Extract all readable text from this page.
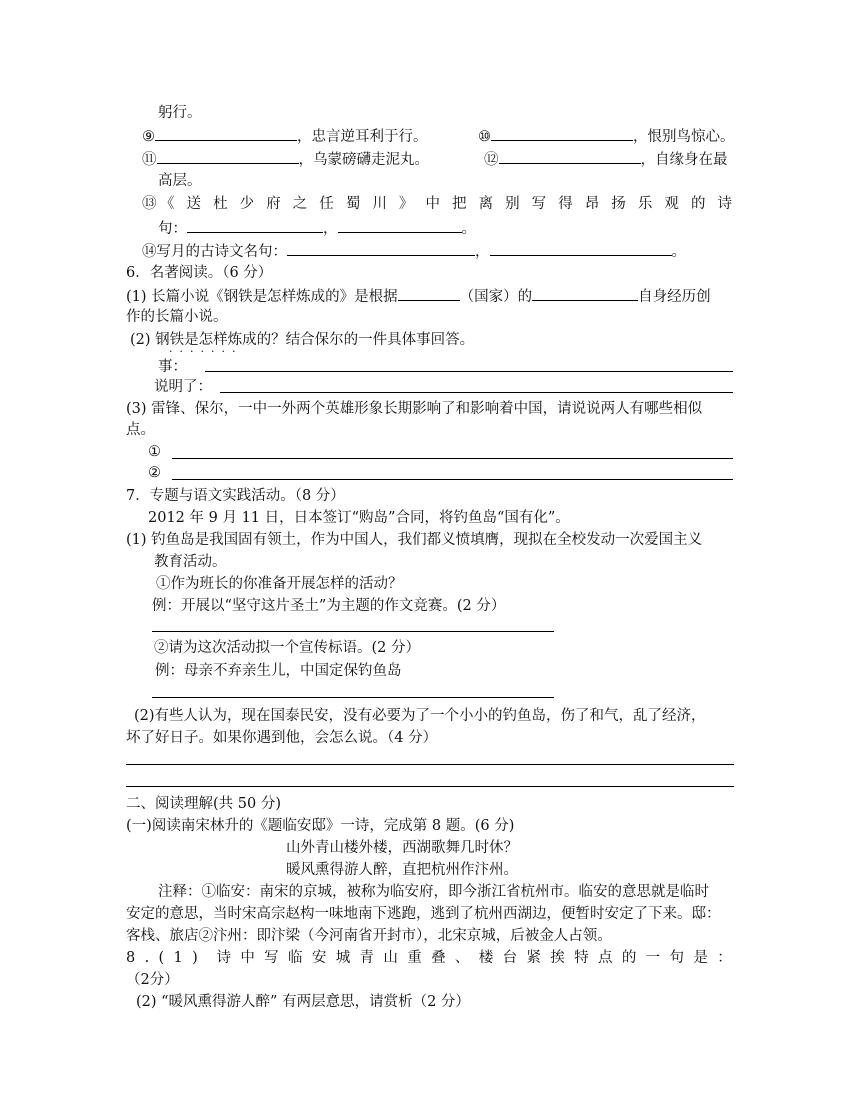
躬行。
⑨	，忠言逆耳利于行。	⑩	，恨别鸟惊心。
⑪	，乌蒙磅礴走泥丸。	⑫	，自缘身在最
高层。
⑬ 《 送 杜 少 府 之 任 蜀 川 》 中 把 离 别 写 得 昂 扬 乐 观 的 诗
句：	，	。
⑭写月的古诗文名句：	，	。
6．名著阅读。（6 分）
(1) 长篇小说《钢铁是怎样炼成的》是根据	（国家）的	自身经历创
作的长篇小说。
(2) 钢铁是怎样炼成的？结合保尔的一件具体事回答。
·······
事：
说明了：
(3) 雷锋、保尔，一中一外两个英雄形象长期影响了和影响着中国，请说说两人有哪些相似
点。
①
②
7．专题与语文实践活动。（8 分）
2012 年 9 月 11 日，日本签订“购岛”合同，将钓鱼岛“国有化”。
(1) 钓鱼岛是我国固有领土，作为中国人，我们都义愤填膺，现拟在全校发动一次爱国主义
教育活动。
①作为班长的你准备开展怎样的活动？
例：开展以“坚守这片圣土”为主题的作文竞赛。(2 分）
②请为这次活动拟一个宣传标语。(2 分）
例：母亲不弃亲生儿，中国定保钓鱼岛
(2)有些人认为，现在国泰民安，没有必要为了一个小小的钓鱼岛，伤了和气，乱了经济，
坏了好日子。如果你遇到他，会怎么说。（4 分）
二、阅读理解(共 50 分)
(一)阅读南宋林升的《题临安邸》一诗，完成第 8 题。(6 分)
山外青山楼外楼，西湖歌舞几时休？
暖风熏得游人醉，直把杭州作汴州。
注释：①临安：南宋的京城，被称为临安府，即今浙江省杭州市。临安的意思就是临时
安定的意思，当时宋高宗赵构一味地南下逃跑，逃到了杭州西湖边，便暂时安定了下来。邸：
客栈、旅店②汴州：即汴梁（今河南省开封市），北宋京城，后被金人占领。
8 . ( 1 ) 诗 中 写 临 安 城 青 山 重 叠 、 楼 台 紧 挨 特 点 的 一 句 是 ：
（2分）
(2) “暖风熏得游人醉” 有两层意思，请赏析（2 分）
